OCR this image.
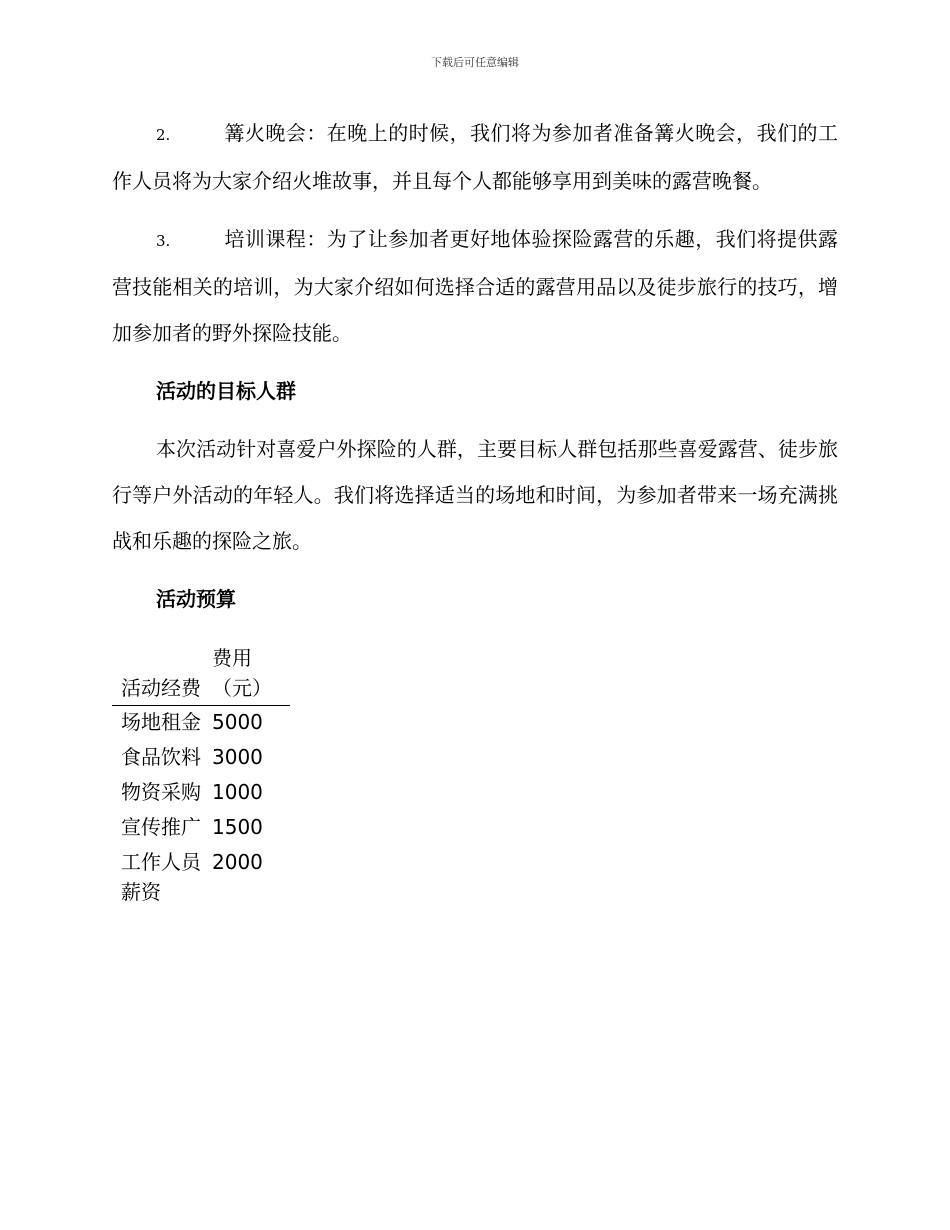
下载后可任意编辑

2.	篝火晚会：在晚上的时候，我们将为参加者准备篝火晚会，我们的工作人员将为大家介绍火堆故事，并且每个人都能够享用到美味的露营晚餐。

3.	培训课程：为了让参加者更好地体验探险露营的乐趣，我们将提供露营技能相关的培训，为大家介绍如何选择合适的露营用品以及徒步旅行的技巧，增加参加者的野外探险技能。

活动的目标人群

本次活动针对喜爱户外探险的人群，主要目标人群包括那些喜爱露营、徒步旅行等户外活动的年轻人。我们将选择适当的场地和时间，为参加者带来一场充满挑战和乐趣的探险之旅。

活动预算

活动经费	费用（元）
场地租金	5000
食品饮料	3000
物资采购	1000
宣传推广	1500
工作人员薪资	2000
